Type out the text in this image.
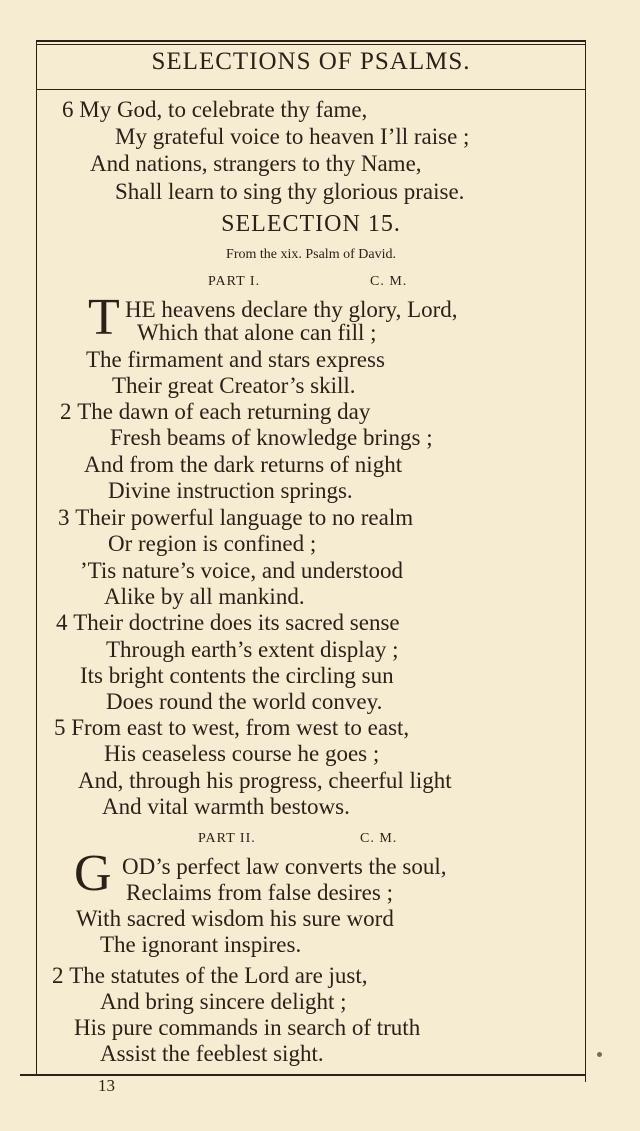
SELECTIONS OF PSALMS.
6 My God, to celebrate thy fame,
My grateful voice to heaven I’ll raise ;
And nations, strangers to thy Name,
Shall learn to sing thy glorious praise.
SELECTION 15.
From the xix. Psalm of David.
PART I.	C. M.
T HE heavens declare thy glory, Lord,
Which that alone can fill ;
The firmament and stars express
Their great Creator’s skill.
2 The dawn of each returning day
Fresh beams of knowledge brings ;
And from the dark returns of night
Divine instruction springs.
3 Their powerful language to no realm
Or region is confined ;
’Tis nature’s voice, and understood
Alike by all mankind.
4 Their doctrine does its sacred sense
Through earth’s extent display ;
Its bright contents the circling sun
Does round the world convey.
5 From east to west, from west to east,
His ceaseless course he goes ;
And, through his progress, cheerful light
And vital warmth bestows.
PART II.	C. M.
G OD’s perfect law converts the soul,
Reclaims from false desires ;
With sacred wisdom his sure word
The ignorant inspires.
2 The statutes of the Lord are just,
And bring sincere delight ;
His pure commands in search of truth
Assist the feeblest sight.
13
